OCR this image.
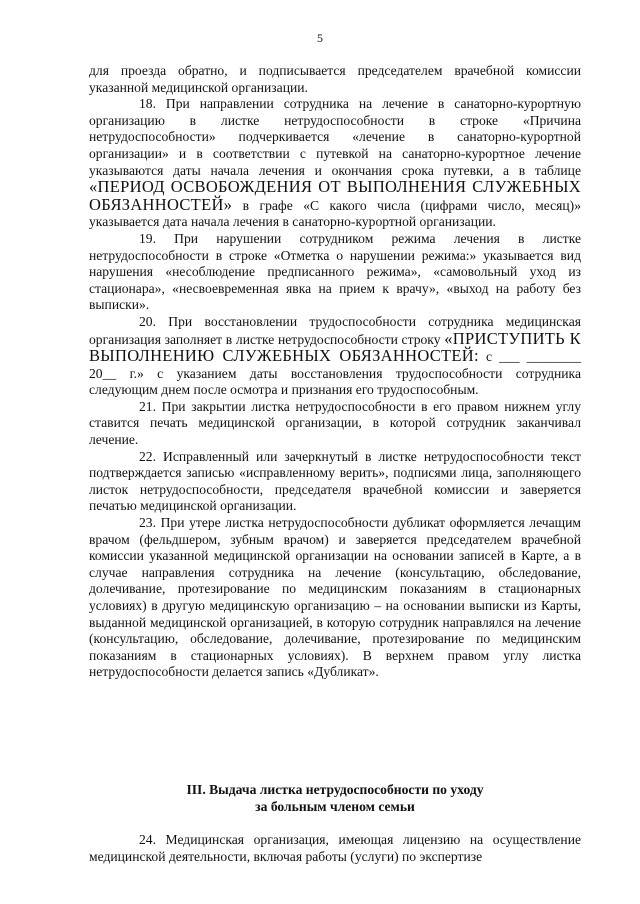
5

для проезда обратно, и подписывается председателем врачебной комиссии указанной медицинской организации.

18. При направлении сотрудника на лечение в санаторно-курортную организацию в листке нетрудоспособности в строке «Причина нетрудоспособности» подчеркивается «лечение в санаторно-курортной организации» и в соответствии с путевкой на санаторно-курортное лечение указываются даты начала лечения и окончания срока путевки, а в таблице «ПЕРИОД ОСВОБОЖДЕНИЯ ОТ ВЫПОЛНЕНИЯ СЛУЖЕБНЫХ ОБЯЗАННОСТЕЙ» в графе «С какого числа (цифрами число, месяц)» указывается дата начала лечения в санаторно-курортной организации.

19. При нарушении сотрудником режима лечения в листке нетрудоспособности в строке «Отметка о нарушении режима:» указывается вид нарушения «несоблюдение предписанного режима», «самовольный уход из стационара», «несвоевременная явка на прием к врачу», «выход на работу без выписки».

20. При восстановлении трудоспособности сотрудника медицинская организация заполняет в листке нетрудоспособности строку «ПРИСТУПИТЬ К ВЫПОЛНЕНИЮ СЛУЖЕБНЫХ ОБЯЗАННОСТЕЙ: с ___ ________ 20__ г.» с указанием даты восстановления трудоспособности сотрудника следующим днем после осмотра и признания его трудоспособным.

21. При закрытии листка нетрудоспособности в его правом нижнем углу ставится печать медицинской организации, в которой сотрудник заканчивал лечение.

22. Исправленный или зачеркнутый в листке нетрудоспособности текст подтверждается записью «исправленному верить», подписями лица, заполняющего листок нетрудоспособности, председателя врачебной комиссии и заверяется печатью медицинской организации.

23. При утере листка нетрудоспособности дубликат оформляется лечащим врачом (фельдшером, зубным врачом) и заверяется председателем врачебной комиссии указанной медицинской организации на основании записей в Карте, а в случае направления сотрудника на лечение (консультацию, обследование, долечивание, протезирование по медицинским показаниям в стационарных условиях) в другую медицинскую организацию – на основании выписки из Карты, выданной медицинской организацией, в которую сотрудник направлялся на лечение (консультацию, обследование, долечивание, протезирование по медицинским показаниям в стационарных условиях). В верхнем правом углу листка нетрудоспособности делается запись «Дубликат».

III. Выдача листка нетрудоспособности по уходу
за больным членом семьи

24. Медицинская организация, имеющая лицензию на осуществление медицинской деятельности, включая работы (услуги) по экспертизе
